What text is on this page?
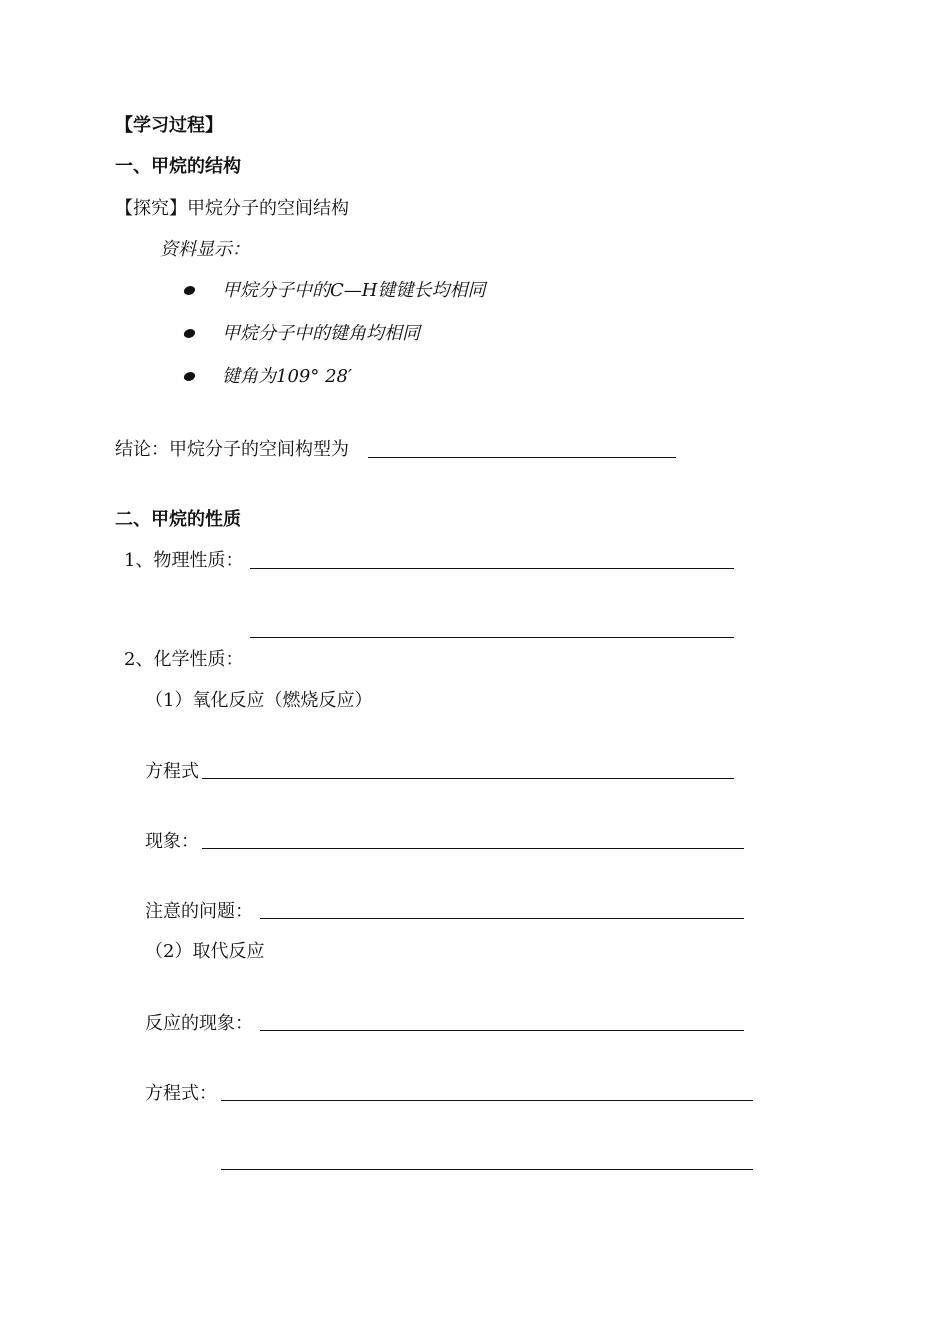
【学习过程】
一、甲烷的结构
【探究】甲烷分子的空间结构
资料显示：
甲烷分子中的C—H键键长均相同
甲烷分子中的键角均相同
键角为109° 28′
结论：甲烷分子的空间构型为
二、甲烷的性质
1、物理性质：
2、化学性质：
（1）氧化反应（燃烧反应）
方程式
现象：
注意的问题：
（2）取代反应
反应的现象：
方程式：
